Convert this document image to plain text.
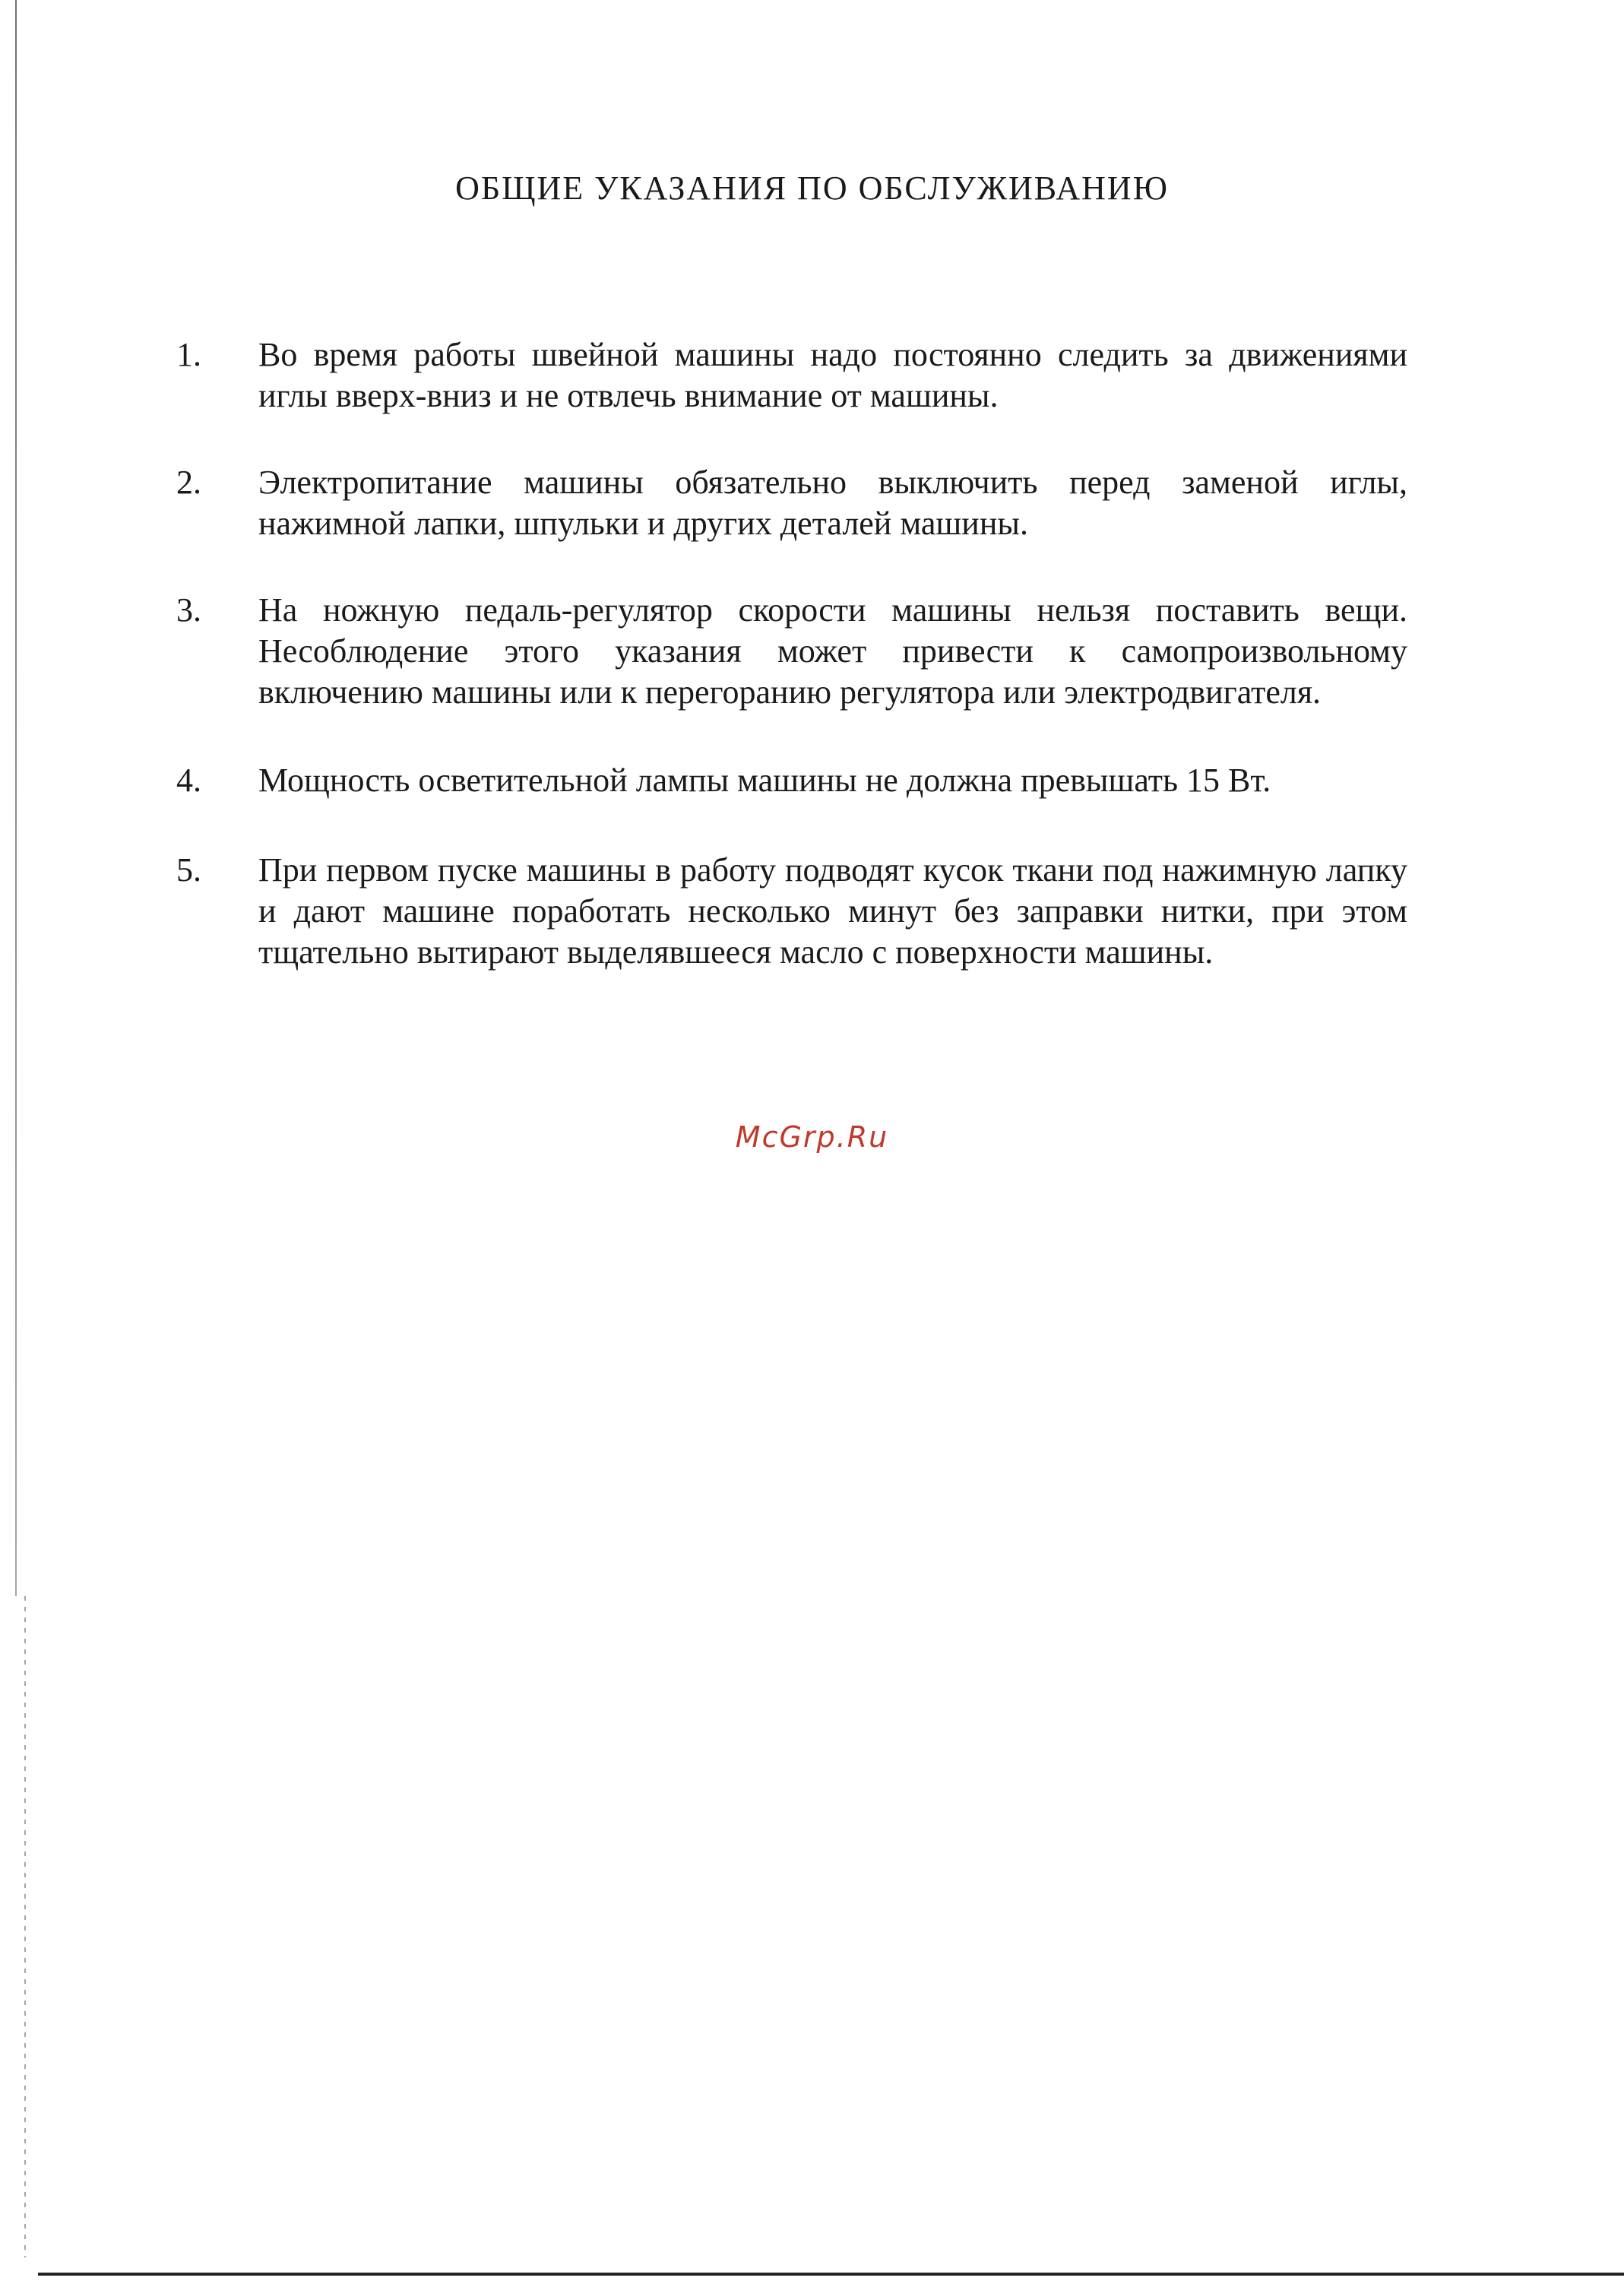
ОБЩИЕ УКАЗАНИЯ ПО ОБСЛУЖИВАНИЮ
1.	Во время работы швейной машины надо постоянно следить за движениями иглы вверх-вниз и не отвлечь внимание от машины.
2.	Электропитание машины обязательно выключить перед заменой иглы, нажимной лапки, шпульки и других деталей машины.
3.	На ножную педаль-регулятор скорости машины нельзя поставить вещи. Несоблюдение этого указания может привести к самопроизвольному включению машины или к перегоранию регулятора или электродвигателя.
4.	Мощность осветительной лампы машины не должна превышать 15 Вт.
5.	При первом пуске машины в работу подводят кусок ткани под нажимную лапку и дают машине поработать несколько минут без заправки нитки, при этом тщательно вытирают выделявшееся масло с поверхности машины.
McGrp.Ru
